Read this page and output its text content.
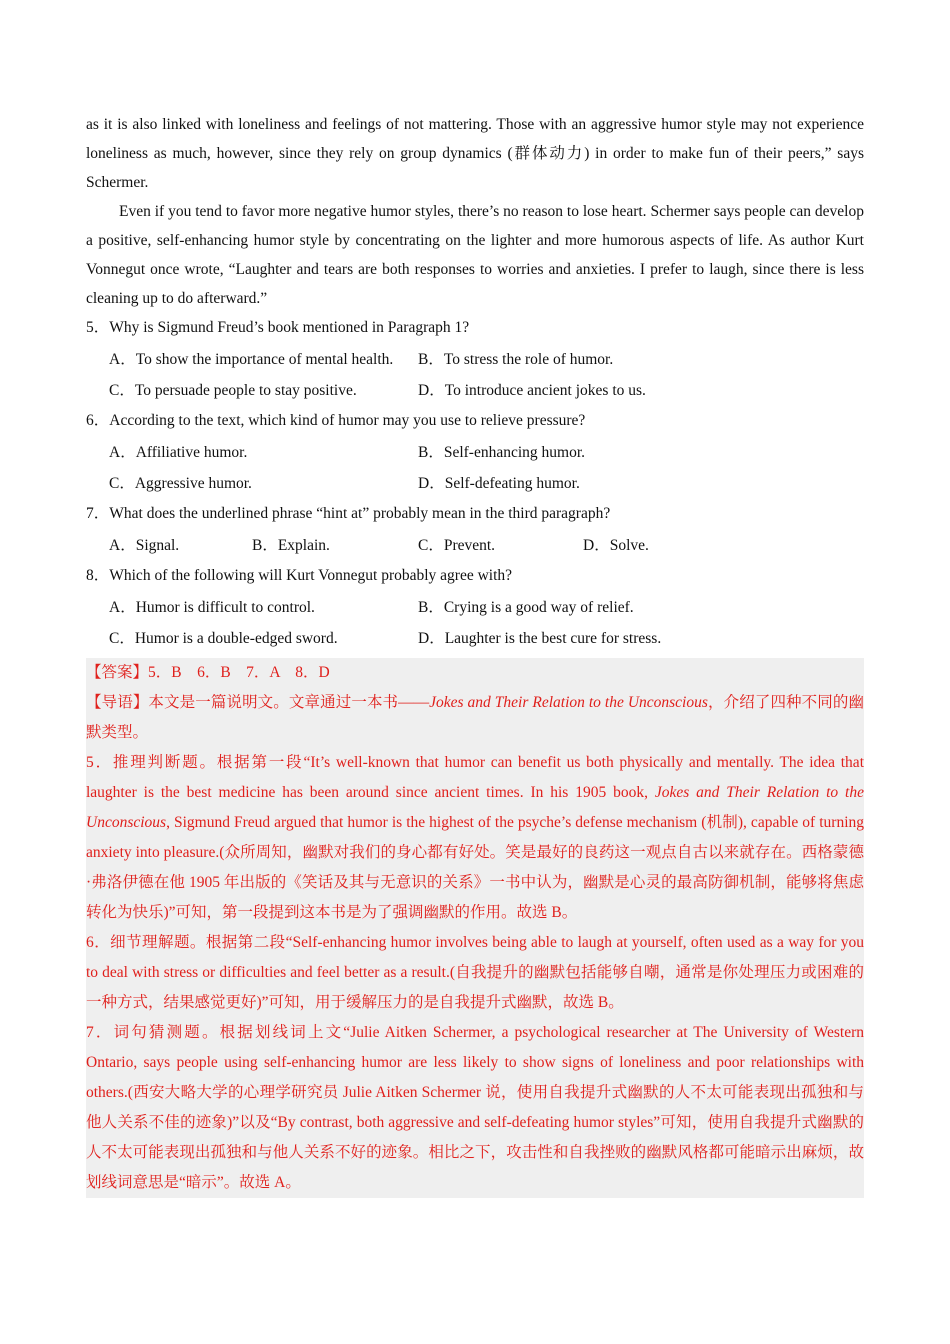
as it is also linked with loneliness and feelings of not mattering. Those with an aggressive humor style may not experience loneliness as much, however, since they rely on group dynamics (群体动力) in order to make fun of their peers,” says Schermer.

Even if you tend to favor more negative humor styles, there’s no reason to lose heart. Schermer says people can develop a positive, self-enhancing humor style by concentrating on the lighter and more humorous aspects of life. As author Kurt Vonnegut once wrote, “Laughter and tears are both responses to worries and anxieties. I prefer to laugh, since there is less cleaning up to do afterward.”

5．Why is Sigmund Freud’s book mentioned in Paragraph 1?

A．To show the importance of mental health. B．To stress the role of humor.
C．To persuade people to stay positive.	D．To introduce ancient jokes to us.

6．According to the text, which kind of humor may you use to relieve pressure?

A．Affiliative humor.	B．Self-enhancing humor.
C．Aggressive humor.	D．Self-defeating humor.

7．What does the underlined phrase “hint at” probably mean in the third paragraph?

A．Signal.	B．Explain.	C．Prevent.	D．Solve.

8．Which of the following will Kurt Vonnegut probably agree with?

A．Humor is difficult to control.	B．Crying is a good way of relief.
C．Humor is a double-edged sword.	D．Laughter is the best cure for stress.

【答案】5．B　6．B　7．A　8．D

【导语】本文是一篇说明文。文章通过一本书——Jokes and Their Relation to the Unconscious，介绍了四种不同的幽默类型。

5．推理判断题。根据第一段“It’s well-known that humor can benefit us both physically and mentally. The idea that laughter is the best medicine has been around since ancient times. In his 1905 book, Jokes and Their Relation to the Unconscious, Sigmund Freud argued that humor is the highest of the psyche’s defense mechanism (机制), capable of turning anxiety into pleasure.(众所周知，幽默对我们的身心都有好处。笑是最好的良药这一观点自古以来就存在。西格蒙德·弗洛伊德在他 1905 年出版的《笑话及其与无意识的关系》一书中认为，幽默是心灵的最高防御机制，能够将焦虑转化为快乐)”可知，第一段提到这本书是为了强调幽默的作用。故选 B。

6．细节理解题。根据第二段“Self-enhancing humor involves being able to laugh at yourself, often used as a way for you to deal with stress or difficulties and feel better as a result.(自我提升的幽默包括能够自嘲，通常是你处理压力或困难的一种方式，结果感觉更好)”可知，用于缓解压力的是自我提升式幽默，故选 B。

7．词句猜测题。根据划线词上文“Julie Aitken Schermer, a psychological researcher at The University of Western Ontario, says people using self-enhancing humor are less likely to show signs of loneliness and poor relationships with others.(西安大略大学的心理学研究员 Julie Aitken Schermer 说，使用自我提升式幽默的人不太可能表现出孤独和与他人关系不佳的迹象)”以及“By contrast, both aggressive and self-defeating humor styles”可知，使用自我提升式幽默的人不太可能表现出孤独和与他人关系不好的迹象。相比之下，攻击性和自我挫败的幽默风格都可能暗示出麻烦，故划线词意思是“暗示”。故选 A。
